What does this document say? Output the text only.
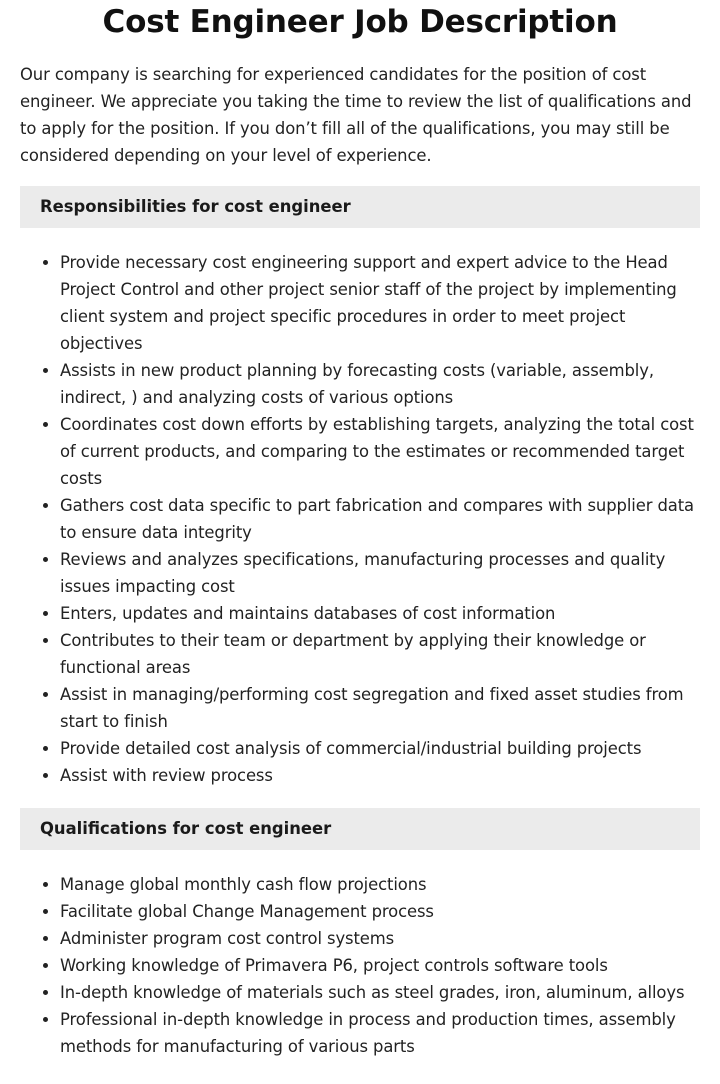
Cost Engineer Job Description

Our company is searching for experienced candidates for the position of cost engineer. We appreciate you taking the time to review the list of qualifications and to apply for the position. If you don’t fill all of the qualifications, you may still be considered depending on your level of experience.

Responsibilities for cost engineer
• Provide necessary cost engineering support and expert advice to the Head Project Control and other project senior staff of the project by implementing client system and project specific procedures in order to meet project objectives
• Assists in new product planning by forecasting costs (variable, assembly, indirect, ) and analyzing costs of various options
• Coordinates cost down efforts by establishing targets, analyzing the total cost of current products, and comparing to the estimates or recommended target costs
• Gathers cost data specific to part fabrication and compares with supplier data to ensure data integrity
• Reviews and analyzes specifications, manufacturing processes and quality issues impacting cost
• Enters, updates and maintains databases of cost information
• Contributes to their team or department by applying their knowledge or functional areas
• Assist in managing/performing cost segregation and fixed asset studies from start to finish
• Provide detailed cost analysis of commercial/industrial building projects
• Assist with review process
Qualifications for cost engineer
• Manage global monthly cash flow projections
• Facilitate global Change Management process
• Administer program cost control systems
• Working knowledge of Primavera P6, project controls software tools
• In-depth knowledge of materials such as steel grades, iron, aluminum, alloys
• Professional in-depth knowledge in process and production times, assembly methods for manufacturing of various parts
